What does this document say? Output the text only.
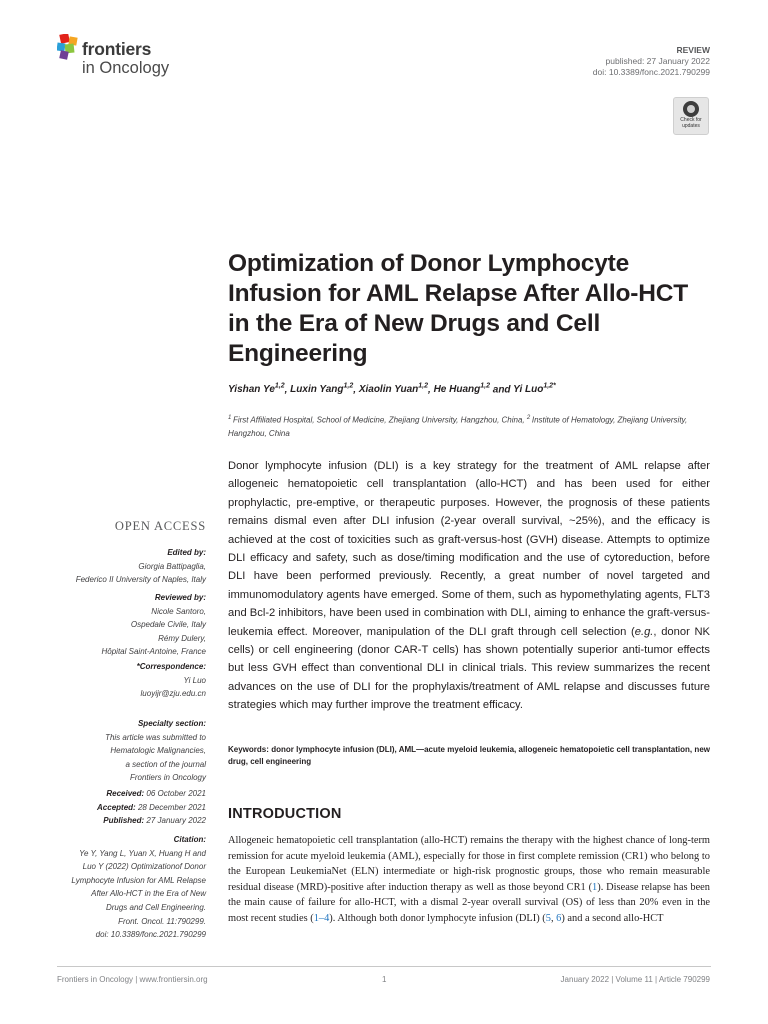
frontiers
in Oncology
REVIEW
published: 27 January 2022
doi: 10.3389/fonc.2021.790299
Check for updates
Optimization of Donor Lymphocyte Infusion for AML Relapse After Allo-HCT in the Era of New Drugs and Cell Engineering
Yishan Ye$^{1,2}$, Luxin Yang$^{1,2}$, Xiaolin Yuan$^{1,2}$, He Huang$^{1,2}$ and Yi Luo$^{1,2*}$
$^1$  First Affiliated Hospital, School of Medicine, Zhejiang University, Hangzhou, China, $^2$  Institute of Hematology, Zhejiang University, Hangzhou, China
Donor lymphocyte infusion (DLI) is a key strategy for the treatment of AML relapse after allogeneic hematopoietic cell transplantation (allo-HCT) and has been used for either prophylactic, pre-emptive, or therapeutic purposes. However, the prognosis of these patients remains dismal even after DLI infusion (2-year overall survival, ~25%), and the efficacy is achieved at the cost of toxicities such as graft-versus-host (GVH) disease. Attempts to optimize DLI efficacy and safety, such as dose/timing modification and the use of cytoreduction, before DLI have been performed previously. Recently, a great number of novel targeted and immunomodulatory agents have emerged. Some of them, such as hypomethylating agents, FLT3 and Bcl-2 inhibitors, have been used in combination with DLI, aiming to enhance the graft-versus-leukemia effect. Moreover, manipulation of the DLI graft through cell selection (e.g., donor NK cells) or cell engineering (donor CAR-T cells) has shown potentially superior anti-tumor effects but less GVH effect than conventional DLI in clinical trials. This review summarizes the recent advances on the use of DLI for the prophylaxis/treatment of AML relapse and discusses future strategies which may further improve the treatment efficacy.
Keywords: donor lymphocyte infusion (DLI), AML—acute myeloid leukemia, allogeneic hematopoietic cell transplantation, new drug, cell engineering
OPEN ACCESS
Edited by:
Giorgia Battipaglia,
Federico II University of Naples, Italy
Reviewed by:
Nicole Santoro,
Ospedale Civile, Italy
Rémy Dulery,
Hôpital Saint-Antoine, France
*Correspondence:
Yi Luo
luoyijr@zju.edu.cn
Specialty section:
This article was submitted to
Hematologic Malignancies,
a section of the journal
Frontiers in Oncology
Received: 06 October 2021
Accepted: 28 December 2021
Published: 27 January 2022
Citation:
Ye Y, Yang L, Yuan X, Huang H and
Luo Y (2022) Optimizationof Donor
Lymphocyte Infusion for AML Relapse
After Allo-HCT in the Era of New
Drugs and Cell Engineering.
Front. Oncol. 11:790299.
doi: 10.3389/fonc.2021.790299
INTRODUCTION
Allogeneic hematopoietic cell transplantation (allo-HCT) remains the therapy with the highest chance of long-term remission for acute myeloid leukemia (AML), especially for those in first complete remission (CR1) who belong to the European LeukemiaNet (ELN) intermediate or high-risk prognostic groups, those who remain measurable residual disease (MRD)-positive after induction therapy as well as those beyond CR1 (1). Disease relapse has been the main cause of failure for allo-HCT, with a dismal 2-year overall survival (OS) of less than 20% even in the most recent studies (1–4). Although both donor lymphocyte infusion (DLI) (5, 6) and a second allo-HCT
Frontiers in Oncology | www.frontiersin.org	1	January 2022 | Volume 11 | Article 790299
